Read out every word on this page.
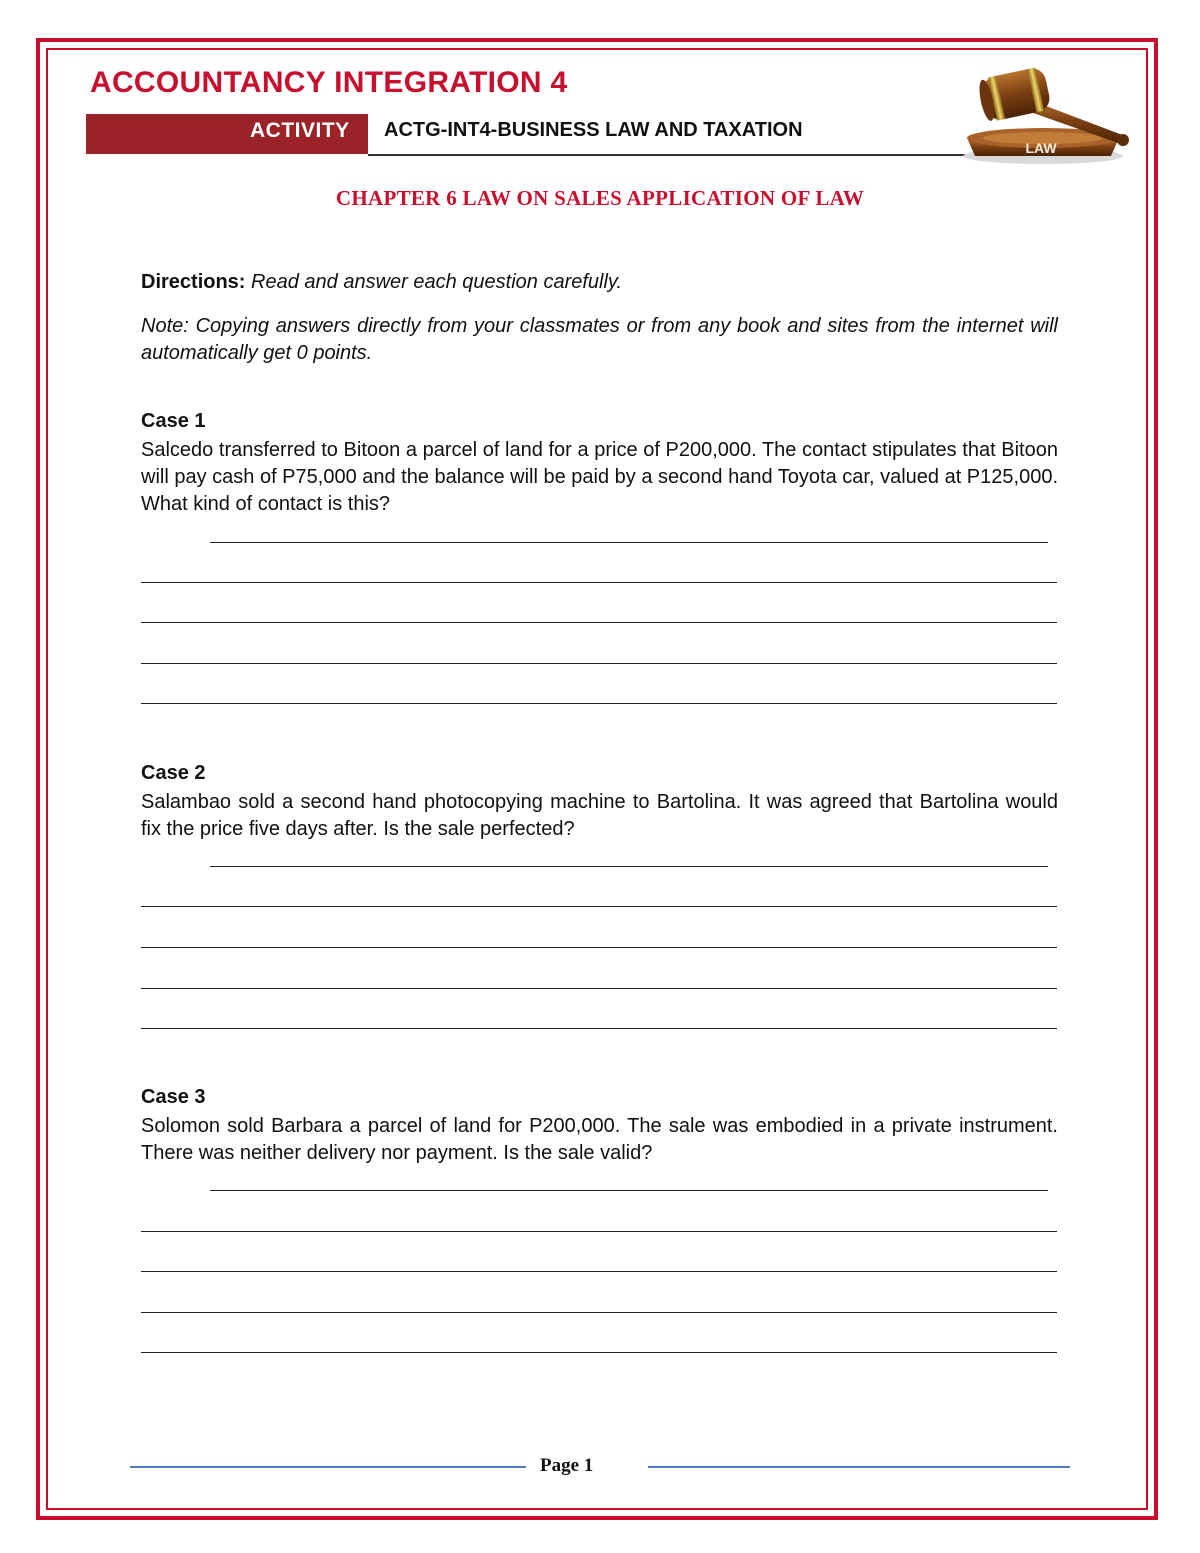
ACCOUNTANCY INTEGRATION 4
ACTIVITY ACTG-INT4-BUSINESS LAW AND TAXATION
LAW
CHAPTER 6 LAW ON SALES APPLICATION OF LAW

Directions: Read and answer each question carefully.

Note: Copying answers directly from your classmates or from any book and sites from the internet will automatically get 0 points.

Case 1

Salcedo transferred to Bitoon a parcel of land for a price of P200,000. The contact stipulates that Bitoon will pay cash of P75,000 and the balance will be paid by a second hand Toyota car, valued at P125,000. What kind of contact is this?

Case 2

Salambao sold a second hand photocopying machine to Bartolina. It was agreed that Bartolina would fix the price five days after. Is the sale perfected?

Case 3

Solomon sold Barbara a parcel of land for P200,000. The sale was embodied in a private instrument. There was neither delivery nor payment. Is the sale valid?

Page 1
